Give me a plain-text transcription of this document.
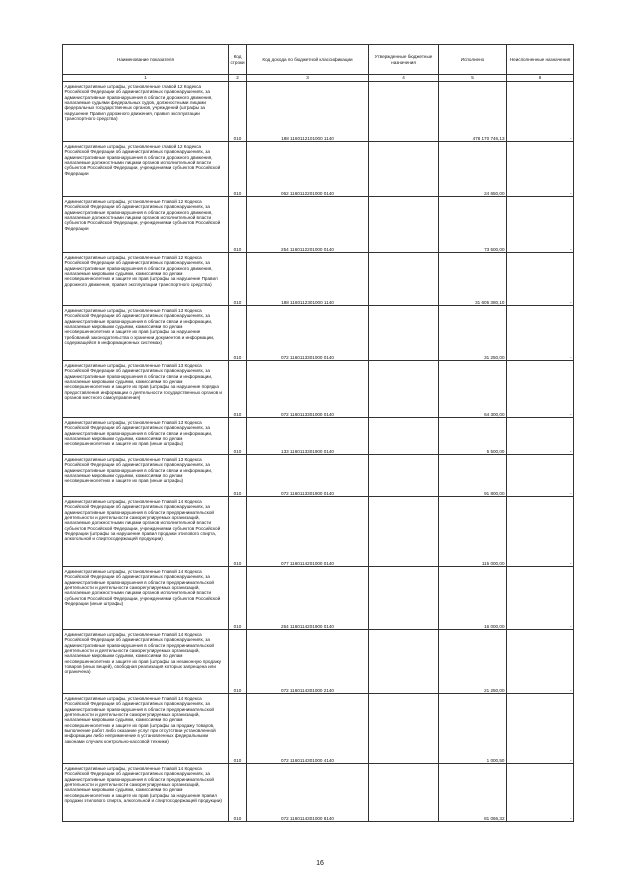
Наименование показателя	Код строки	Код дохода по бюджетной классификации	Утвержденные бюджетные назначения	Исполнено	Неисполненные назначения
1	2	3	4	5	6
Административные штрафы, установленные главой 12 Кодекса Российской Федерации об административных правонарушениях, за административные правонарушения в области дорожного движения, налагаемые судьями федеральных судов, должностными лицами федеральных государственных органов, учреждений (штрафы за нарушение Правил дорожного движения, правил эксплуатации транспортного средства)	010	188 1160112101000 1140		478 170 746,13	-
Административные штрафы, установленные главой 12 Кодекса Российской Федерации об административных правонарушениях, за административные правонарушения в области дорожного движения, налагаемые должностными лицами органов исполнительной власти субъектов Российской Федерации, учреждениями субъектов Российской Федерации	010	062 1160112201000 0140		24 650,00	-
Административные штрафы, установленные Главой 12 Кодекса Российской Федерации об административных правонарушениях, за административные правонарушения в области дорожного движения, налагаемые должностными лицами органов исполнительной власти субъектов Российской Федерации, учреждениями субъектов Российской Федерации	010	254 1160112201000 0140		73 500,00	-
Административные штрафы, установленные Главой 12 Кодекса Российской Федерации об административных правонарушениях, за административные правонарушения в области дорожного движения, налагаемые мировыми судьями, комиссиями по делам несовершеннолетних и защите их прав (штрафы за нарушение Правил дорожного движения, правил эксплуатации транспортного средства)	010	188 1160112301000 1140		31 605 380,10	-
Административные штрафы, установленные Главой 13 Кодекса Российской Федерации об административных правонарушениях, за административные правонарушения в области связи и информации, налагаемые мировыми судьями, комиссиями по делам несовершеннолетних и защите их прав (штрафы за нарушение требований законодательства о хранении документов и информации, содержащейся в информационных системах)	010	072 1160113301000 0140		31 250,00	-
Административные штрафы, установленные Главой 13 Кодекса Российской Федерации об административных правонарушениях, за административные правонарушения в области связи и информации, налагаемые мировыми судьями, комиссиями по делам несовершеннолетних и защите их прав (штрафы за нарушение порядка предоставления информации о деятельности государственных органов и органов местного самоуправления)	010	072 1160113301000 0140		64 300,00	-
Административные штрафы, установленные Главой 13 Кодекса Российской Федерации об административных правонарушениях, за административные правонарушения в области связи и информации, налагаемые мировыми судьями, комиссиями по делам несовершеннолетних и защите их прав (иные штрафы)	010	133 1160113301900 0140		5 500,00	-
Административные штрафы, установленные Главой 13 Кодекса Российской Федерации об административных правонарушениях, за административные правонарушения в области связи и информации, налагаемые мировыми судьями, комиссиями по делам несовершеннолетних и защите их прав (иные штрафы)	010	072 1160113301900 0140		91 800,00	-
Административные штрафы, установленные Главой 14 Кодекса Российской Федерации об административных правонарушениях, за административные правонарушения в области предпринимательской деятельности и деятельности саморегулируемых организаций, налагаемые должностными лицами органов исполнительной власти субъектов Российской Федерации, учреждениями субъектов Российской Федерации (штрафы за нарушение правил продажи этилового спирта, алкогольной и спиртосодержащей продукции)	010	077 1160114201000 0140		115 000,00	-
Административные штрафы, установленные Главой 14 Кодекса Российской Федерации об административных правонарушениях, за административные правонарушения в области предпринимательской деятельности и деятельности саморегулируемых организаций, налагаемые должностными лицами органов исполнительной власти субъектов Российской Федерации, учреждениями субъектов Российской Федерации (иные штрафы)	010	254 1160114201900 0140		16 000,00	-
Административные штрафы, установленные Главой 14 Кодекса Российской Федерации об административных правонарушениях, за административные правонарушения в области предпринимательской деятельности и деятельности саморегулируемых организаций, налагаемые мировыми судьями, комиссиями по делам несовершеннолетних и защите их прав (штрафы за незаконную продажу товаров (иных вещей), свободная реализация которых запрещена или ограничена)	010	072 1160114301000 2140		21 250,00	-
Административные штрафы, установленные Главой 14 Кодекса Российской Федерации об административных правонарушениях, за административные правонарушения в области предпринимательской деятельности и деятельности саморегулируемых организаций, налагаемые мировыми судьями, комиссиями по делам несовершеннолетних и защите их прав (штрафы за продажу товаров, выполнение работ либо оказание услуг при отсутствии установленной информации либо неприменение в установленных федеральными законами случаях контрольно-кассовой техники)	010	072 1160114301000 4140		1 000,50	-
Административные штрафы, установленные Главой 14 Кодекса Российской Федерации об административных правонарушениях, за административные правонарушения в области предпринимательской деятельности и деятельности саморегулируемых организаций, налагаемые мировыми судьями, комиссиями по делам несовершеннолетних и защите их прав (штрафы за нарушение правил продажи этилового спирта, алкогольной и спиртосодержащей продукции)	010	072 1160114301000 8140		81 066,32	-
16
